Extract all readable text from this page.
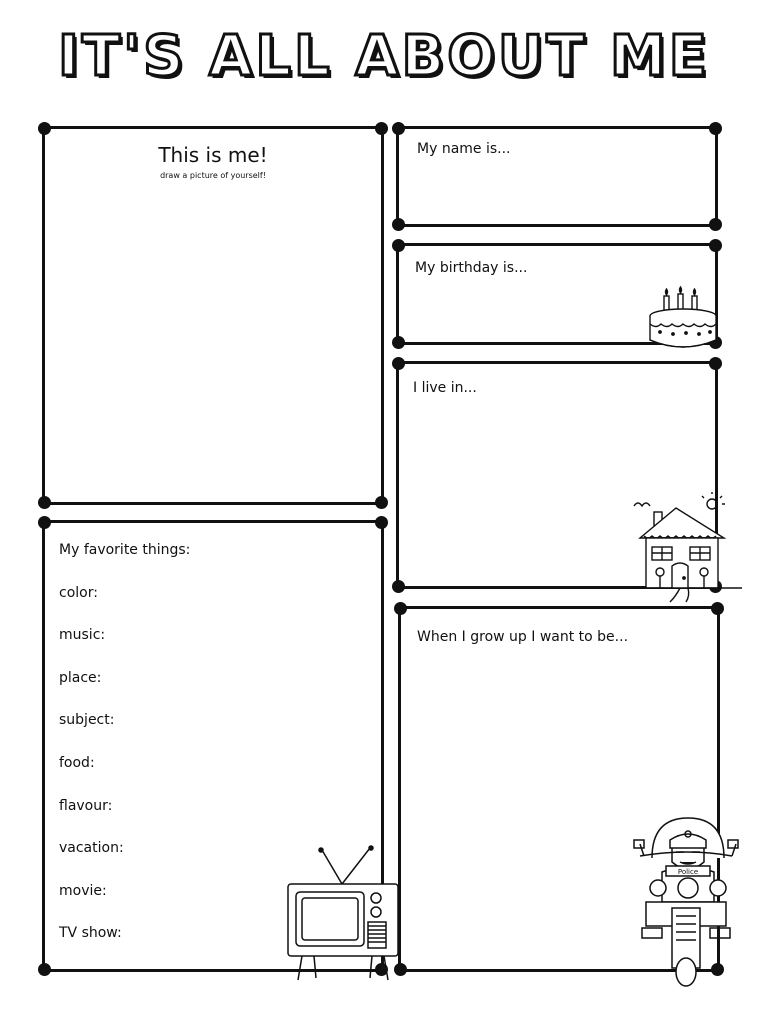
IT'S ALL ABOUT ME
This is me!
draw a picture of yourself!
My name is...
My birthday is...
I live in...
My favorite things:
color:
music:
place:
subject:
food:
flavour:
vacation:
movie:
TV show:
When I grow up I want to be...
Police
